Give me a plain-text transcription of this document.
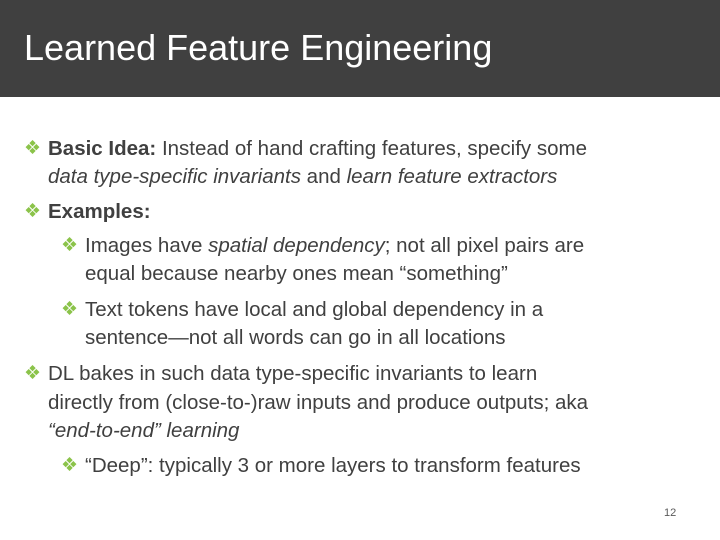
Learned Feature Engineering
❖ Basic Idea: Instead of hand crafting features, specify some
data type-specific invariants and learn feature extractors
❖ Examples:
❖ Images have spatial dependency; not all pixel pairs are
equal because nearby ones mean “something”
❖ Text tokens have local and global dependency in a
sentence—not all words can go in all locations
❖ DL bakes in such data type-specific invariants to learn
directly from (close-to-)raw inputs and produce outputs; aka
“end-to-end” learning
❖ “Deep”: typically 3 or more layers to transform features
12
